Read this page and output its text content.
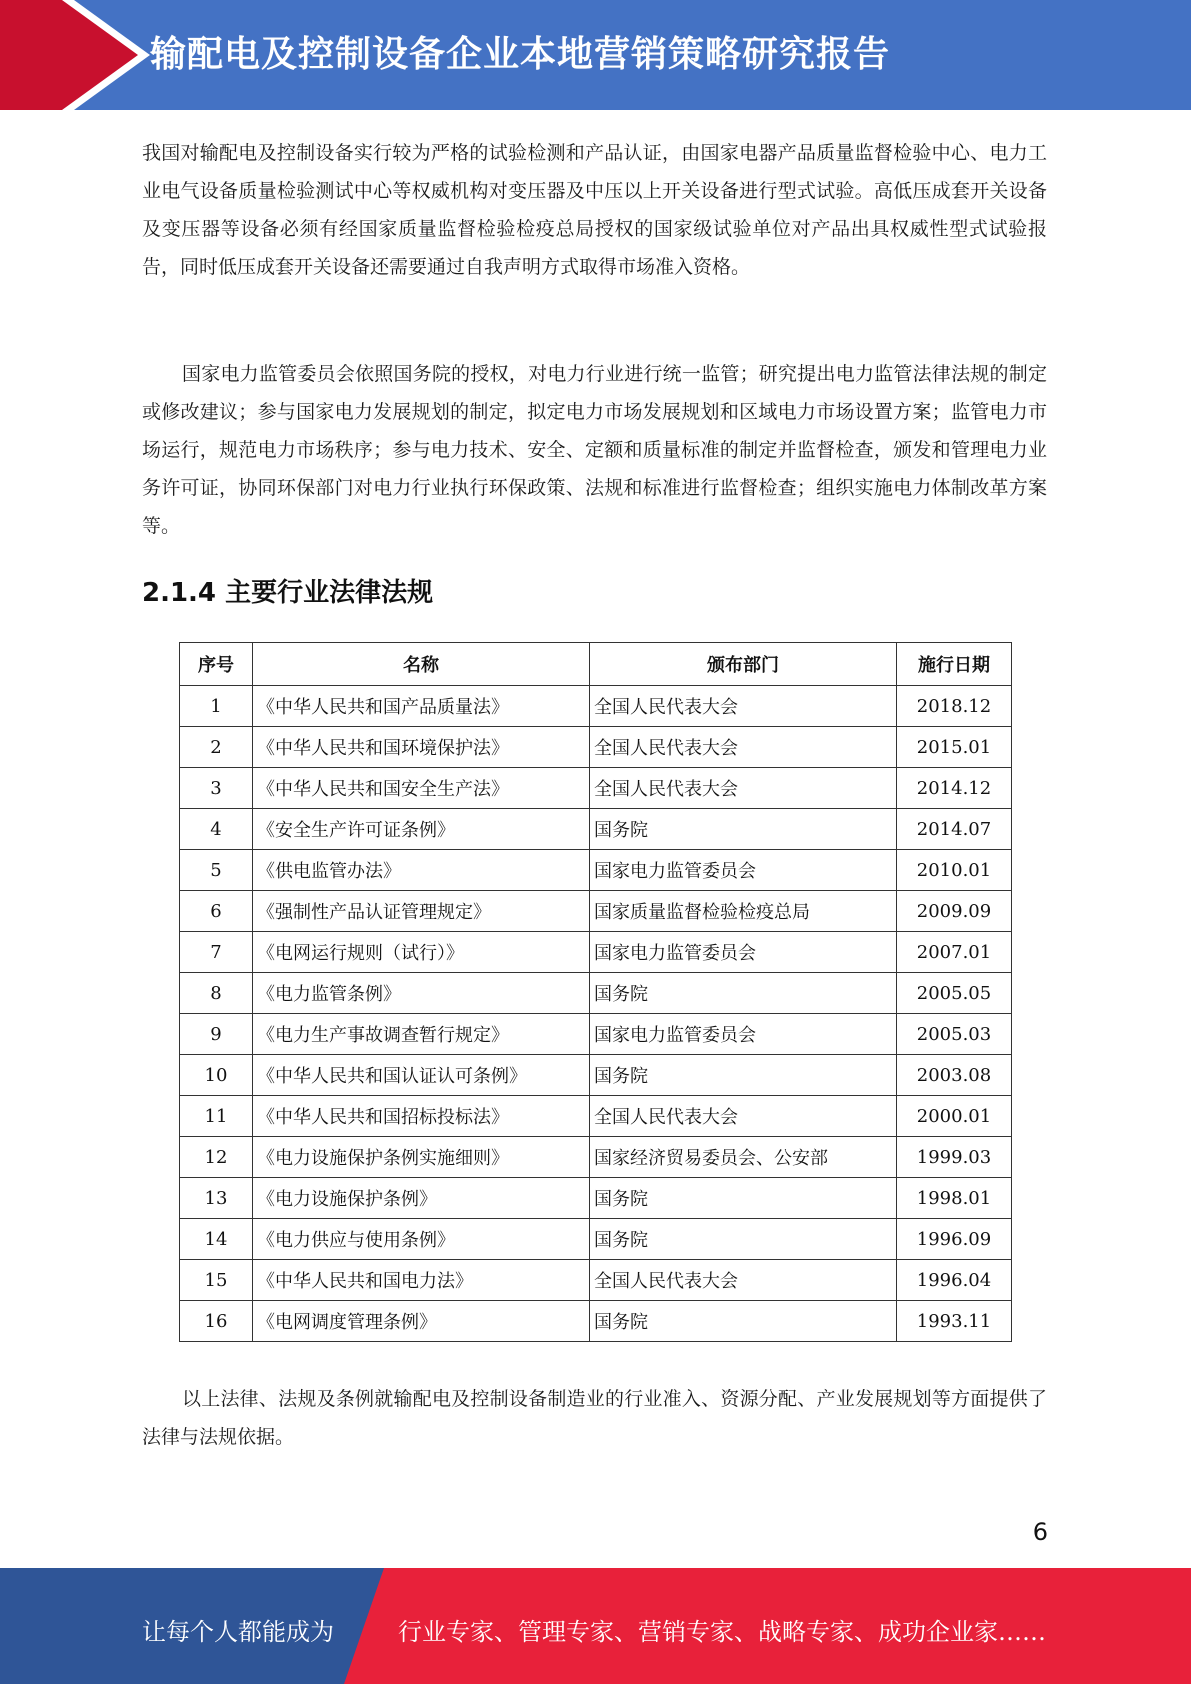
输配电及控制设备企业本地营销策略研究报告

我国对输配电及控制设备实行较为严格的试验检测和产品认证，由国家电器产品质量监督检验中心、电力工业电气设备质量检验测试中心等权威机构对变压器及中压以上开关设备进行型式试验。高低压成套开关设备及变压器等设备必须有经国家质量监督检验检疫总局授权的国家级试验单位对产品出具权威性型式试验报告，同时低压成套开关设备还需要通过自我声明方式取得市场准入资格。

国家电力监管委员会依照国务院的授权，对电力行业进行统一监管；研究提出电力监管法律法规的制定或修改建议；参与国家电力发展规划的制定，拟定电力市场发展规划和区域电力市场设置方案；监管电力市场运行，规范电力市场秩序；参与电力技术、安全、定额和质量标准的制定并监督检查，颁发和管理电力业务许可证，协同环保部门对电力行业执行环保政策、法规和标准进行监督检查；组织实施电力体制改革方案等。

2.1.4 主要行业法律法规
序号	名称	颁布部门	施行日期
1	《中华人民共和国产品质量法》	全国人民代表大会	2018.12
2	《中华人民共和国环境保护法》	全国人民代表大会	2015.01
3	《中华人民共和国安全生产法》	全国人民代表大会	2014.12
4	《安全生产许可证条例》	国务院	2014.07
5	《供电监管办法》	国家电力监管委员会	2010.01
6	《强制性产品认证管理规定》	国家质量监督检验检疫总局	2009.09
7	《电网运行规则（试行）》	国家电力监管委员会	2007.01
8	《电力监管条例》	国务院	2005.05
9	《电力生产事故调查暂行规定》	国家电力监管委员会	2005.03
10	《中华人民共和国认证认可条例》	国务院	2003.08
11	《中华人民共和国招标投标法》	全国人民代表大会	2000.01
12	《电力设施保护条例实施细则》	国家经济贸易委员会、公安部	1999.03
13	《电力设施保护条例》	国务院	1998.01
14	《电力供应与使用条例》	国务院	1996.09
15	《中华人民共和国电力法》	全国人民代表大会	1996.04
16	《电网调度管理条例》	国务院	1993.11

以上法律、法规及条例就输配电及控制设备制造业的行业准入、资源分配、产业发展规划等方面提供了法律与法规依据。

6
让每个人都能成为	行业专家、管理专家、营销专家、战略专家、成功企业家……
